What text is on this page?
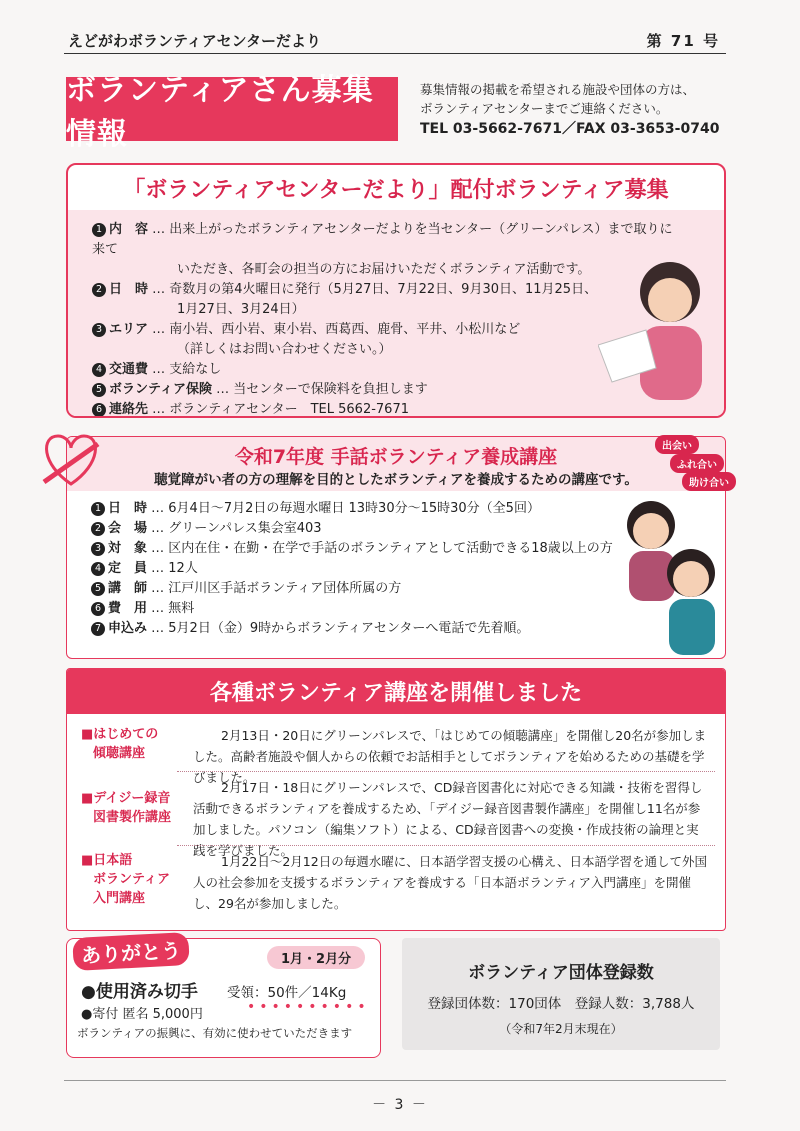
えどがわボランティアセンターだより	第 71 号
ボランティアさん募集情報
募集情報の掲載を希望される施設や団体の方は、
ボランティアセンターまでご連絡ください。
TEL 03-5662-7671／FAX 03-3653-0740
「ボランティアセンターだより」配付ボランティア募集
1 内　容 … 出来上がったボランティアセンターだよりを当センター（グリーンパレス）まで取りに来て
いただき、各町会の担当の方にお届けいただくボランティア活動です。
2 日　時 … 奇数月の第4火曜日に発行（5月27日、7月22日、9月30日、11月25日、
1月27日、3月24日）
3 エリア … 南小岩、西小岩、東小岩、西葛西、鹿骨、平井、小松川など
（詳しくはお問い合わせください。）
4 交通費 … 支給なし
5 ボランティア保険 … 当センターで保険料を負担します
6 連絡先 … ボランティアセンター　TEL 5662-7671
令和7年度 手話ボランティア養成講座
聴覚障がい者の方の理解を目的としたボランティアを養成するための講座です。
1 日　時 … 6月4日～7月2日の毎週水曜日 13時30分～15時30分（全5回）
2 会　場 … グリーンパレス集会室403
3 対　象 … 区内在住・在勤・在学で手話のボランティアとして活動できる18歳以上の方
4 定　員 … 12人
5 講　師 … 江戸川区手話ボランティア団体所属の方
6 費　用 … 無料
7 申込み … 5月2日（金）9時からボランティアセンターへ電話で先着順。
出会い
ふれ合い
助け合い
各種ボランティア講座を開催しました
■はじめての
傾聴講座
2月13日・20日にグリーンパレスで、「はじめての傾聴講座」を開催し20名が参加しました。高齢者施設や個人からの依頼でお話相手としてボランティアを始めるための基礎を学びました。
■デイジー録音
図書製作講座
2月17日・18日にグリーンパレスで、CD録音図書化に対応できる知識・技術を習得し活動できるボランティアを養成するため、「デイジー録音図書製作講座」を開催し11名が参加しました。パソコン（編集ソフト）による、CD録音図書への変換・作成技術の論理と実践を学びました。
■日本語
ボランティア
入門講座
1月22日～2月12日の毎週水曜に、日本語学習支援の心構え、日本語学習を通して外国人の社会参加を支援するボランティアを養成する「日本語ボランティア入門講座」を開催し、29名が参加しました。
ありがとう	1月・2月分
●使用済み切手 受領：50件／14Kg
●寄付 匿名 5,000円	••••••••••
ボランティアの振興に、有効に使わせていただきます
ボランティア団体登録数
登録団体数：170団体　登録人数：3,788人
（令和7年2月末現在）
－ 3 －
